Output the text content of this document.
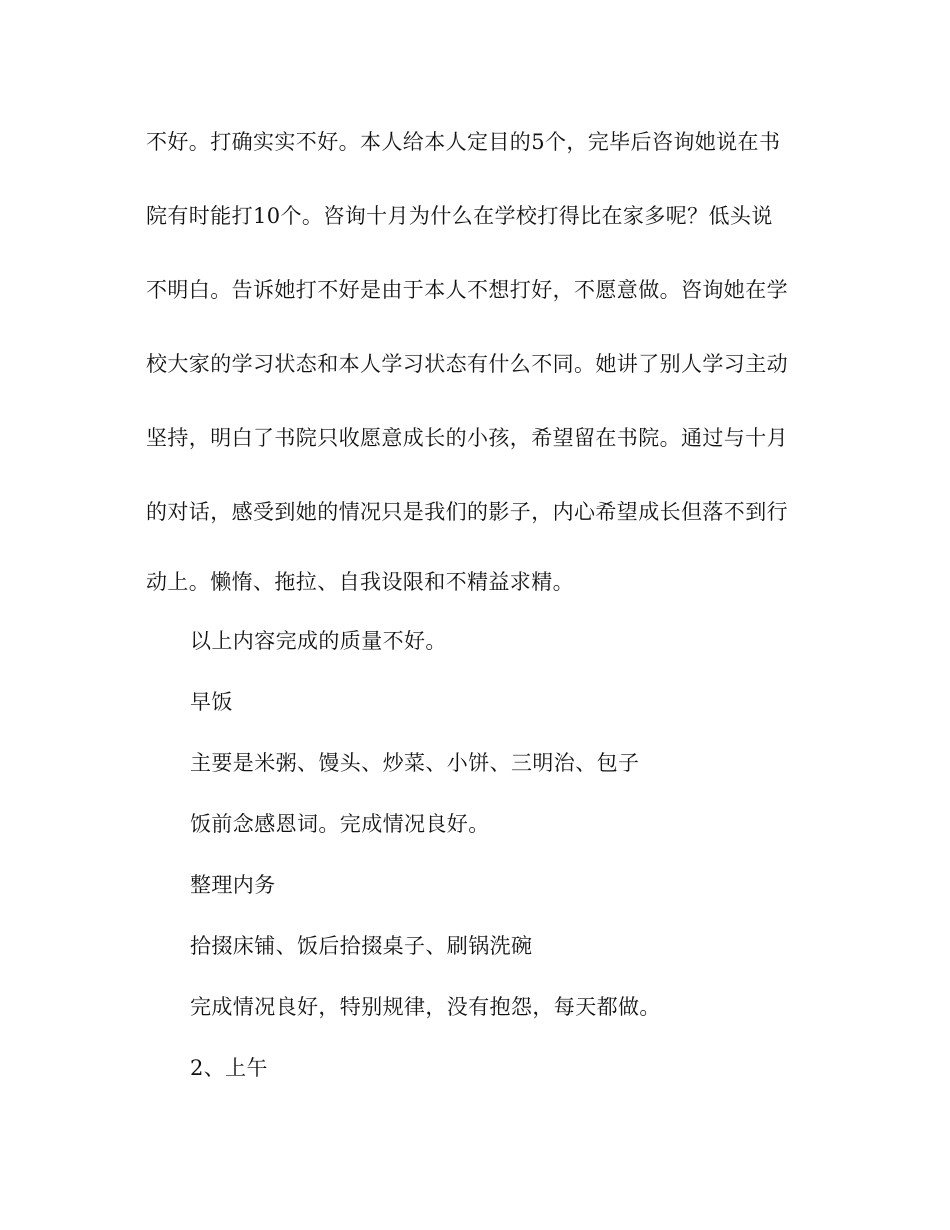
不好。打确实实不好。本人给本人定目的5个，完毕后咨询她说在书
院有时能打10个。咨询十月为什么在学校打得比在家多呢？低头说
不明白。告诉她打不好是由于本人不想打好，不愿意做。咨询她在学
校大家的学习状态和本人学习状态有什么不同。她讲了别人学习主动
坚持，明白了书院只收愿意成长的小孩，希望留在书院。通过与十月
的对话，感受到她的情况只是我们的影子，内心希望成长但落不到行
动上。懒惰、拖拉、自我设限和不精益求精。
以上内容完成的质量不好。
早饭
主要是米粥、馒头、炒菜、小饼、三明治、包子
饭前念感恩词。完成情况良好。
整理内务
拾掇床铺、饭后拾掇桌子、刷锅洗碗
完成情况良好，特别规律，没有抱怨，每天都做。
2、上午
